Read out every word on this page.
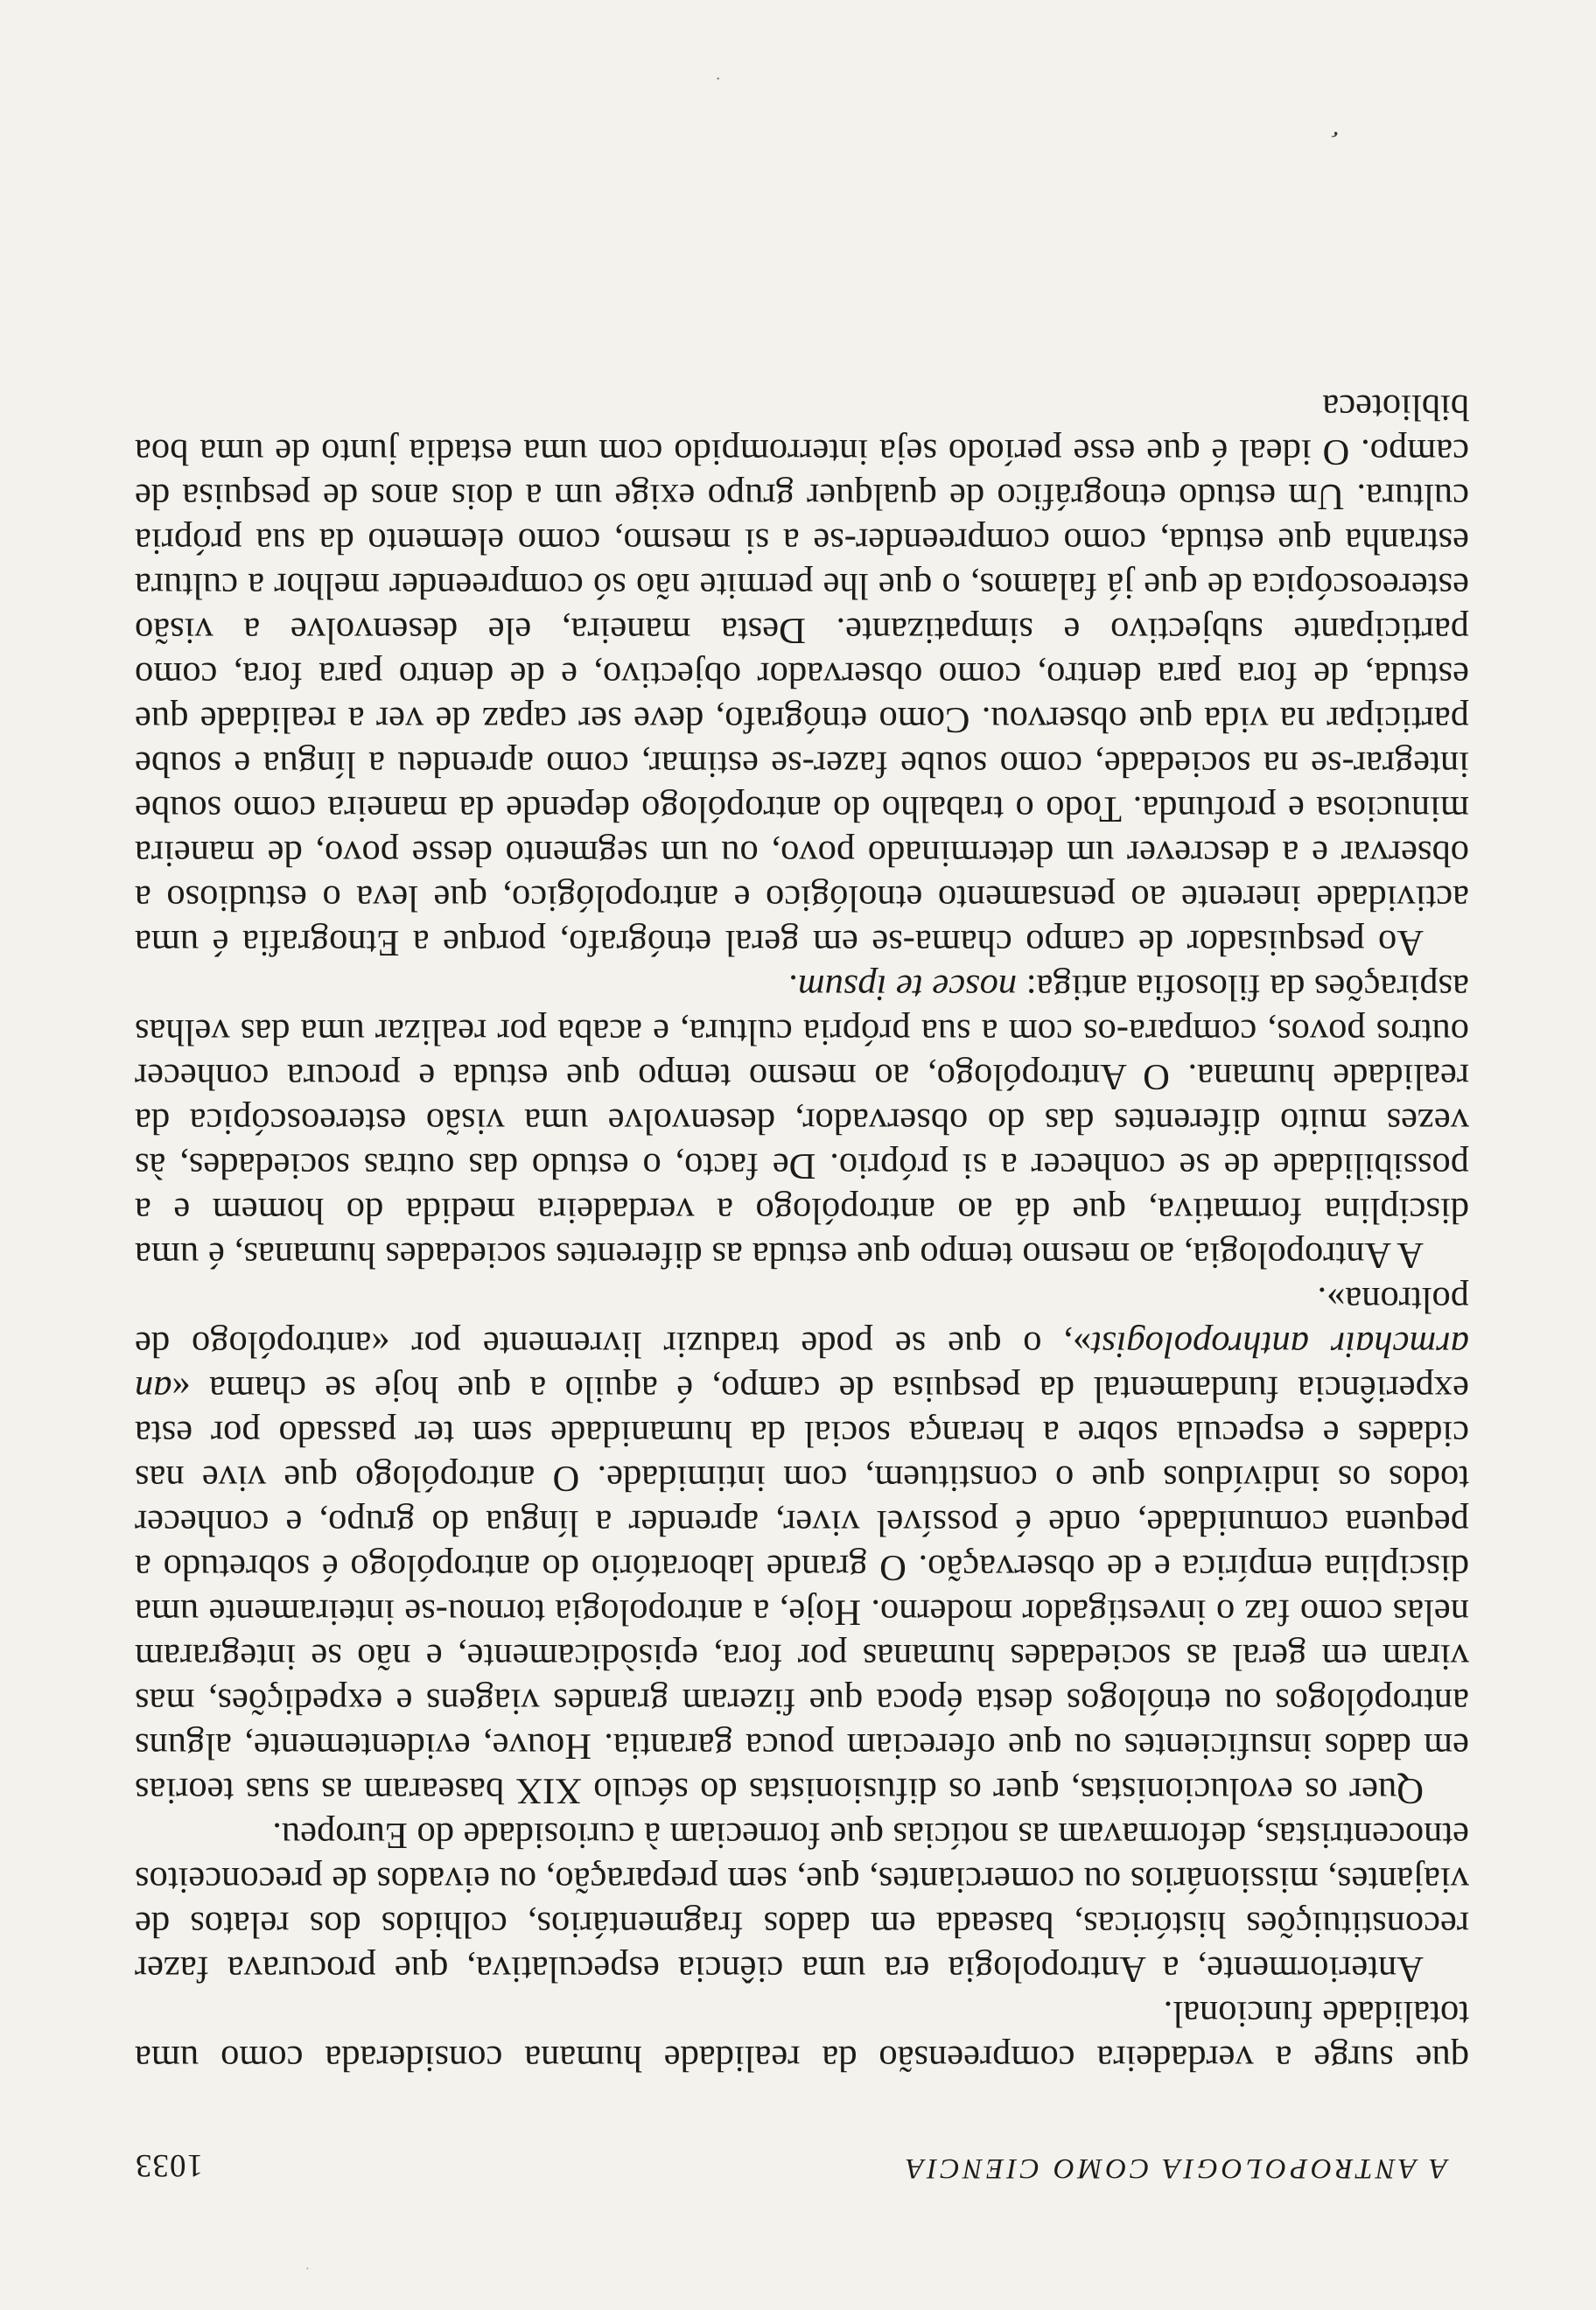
A ANTROPOLOGIA COMO CIENCIA
1033

que surge a verdadeira compreensão da realidade humana considerada como uma totalidade funcional.

Anteriormente, a Antropologia era uma ciência especulativa, que procurava fazer reconstituições históricas, baseada em dados fragmentários, colhidos dos relatos de viajantes, missionários ou comerciantes, que, sem preparação, ou eivados de preconceitos etnocentristas, deformavam as notícias que forneciam à curiosidade do Europeu.

Quer os evolucionistas, quer os difusionistas do século XIX basearam as suas teorias em dados insuficientes ou que ofereciam pouca garantia. Houve, evidentemente, alguns antropólogos ou etnólogos desta época que fizeram grandes viagens e expedições, mas viram em geral as sociedades humanas por fora, episòdicamente, e não se integraram nelas como faz o investigador moderno. Hoje, a antropologia tornou-se inteiramente uma disciplina empírica e de observação. O grande laboratório do antropólogo é sobretudo a pequena comunidade, onde é possível viver, aprender a língua do grupo, e conhecer todos os indivíduos que o constituem, com intimidade. O antropólogo que vive nas cidades e especula sobre a herança social da humanidade sem ter passado por esta experiência fundamental da pesquisa de campo, é aquilo a que hoje se chama «an armchair anthropologist», o que se pode traduzir livremente por «antropólogo de poltrona».

A Antropologia, ao mesmo tempo que estuda as diferentes sociedades humanas, é uma disciplina formativa, que dá ao antropólogo a verdadeira medida do homem e a possibilidade de se conhecer a si próprio. De facto, o estudo das outras sociedades, às vezes muito diferentes das do observador, desenvolve uma visão estereoscópica da realidade humana. O Antropólogo, ao mesmo tempo que estuda e procura conhecer outros povos, compara-os com a sua própria cultura, e acaba por realizar uma das velhas aspirações da filosofia antiga: nosce te ipsum.

Ao pesquisador de campo chama-se em geral etnógrafo, porque a Etnografia é uma actividade inerente ao pensamento etnológico e antropológico, que leva o estudioso a observar e a descrever um determinado povo, ou um segmento desse povo, de maneira minuciosa e profunda. Todo o trabalho do antropólogo depende da maneira como soube integrar-se na sociedade, como soube fazer-se estimar, como aprendeu a língua e soube participar na vida que observou. Como etnógrafo, deve ser capaz de ver a realidade que estuda, de fora para dentro, como observador objectivo, e de dentro para fora, como participante subjectivo e simpatizante. Desta maneira, ele desenvolve a visão estereoscópica de que já falamos, o que lhe permite não só compreender melhor a cultura estranha que estuda, como compreender-se a si mesmo, como elemento da sua própria cultura. Um estudo etnográfico de qualquer grupo exige um a dois anos de pesquisa de campo. O ideal é que esse período seja interrompido com uma estadia junto de uma boa biblioteca

‘
·
·
